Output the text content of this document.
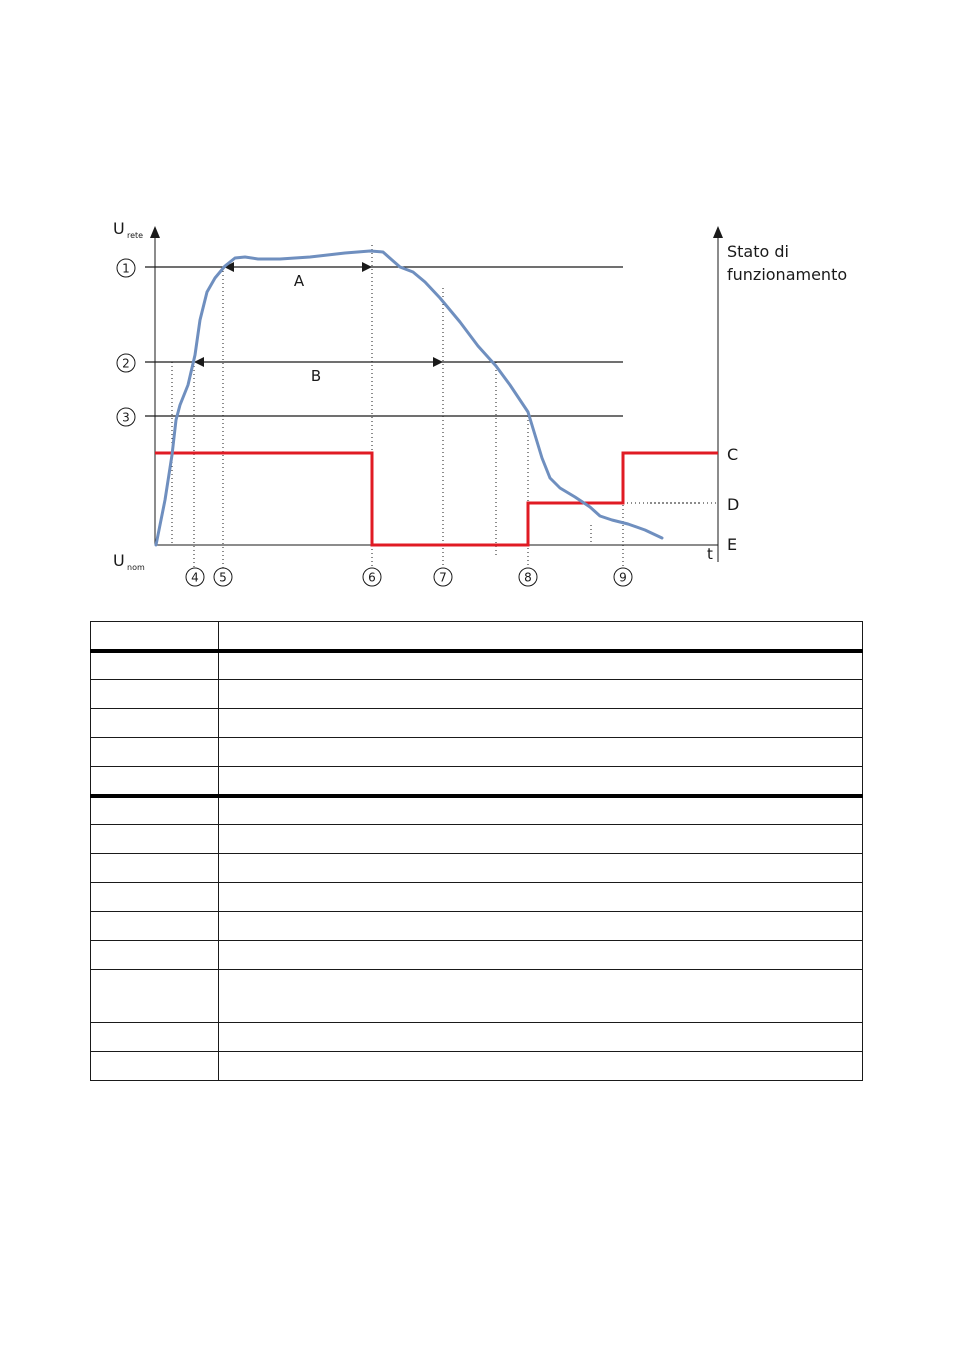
U rete
U nom
t
Stato di
funzionamento
1
2
3
A
B
C
D
E
4 5	6	7	8	9
